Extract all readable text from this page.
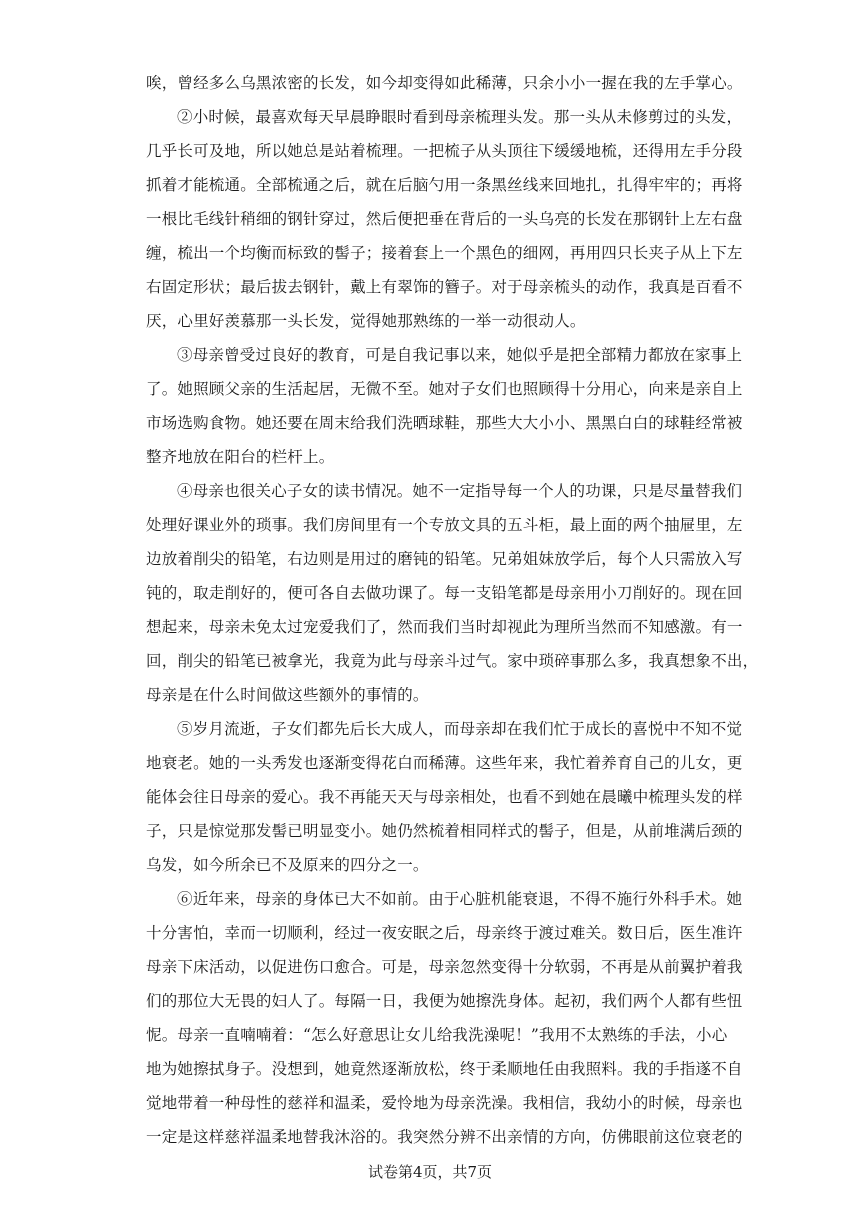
唉，曾经多么乌黑浓密的长发，如今却变得如此稀薄，只余小小一握在我的左手掌心。
②小时候，最喜欢每天早晨睁眼时看到母亲梳理头发。那一头从未修剪过的头发，
几乎长可及地，所以她总是站着梳理。一把梳子从头顶往下缓缓地梳，还得用左手分段
抓着才能梳通。全部梳通之后，就在后脑勺用一条黑丝线来回地扎，扎得牢牢的；再将
一根比毛线针稍细的钢针穿过，然后便把垂在背后的一头乌亮的长发在那钢针上左右盘
缠，梳出一个均衡而标致的髻子；接着套上一个黑色的细网，再用四只长夹子从上下左
右固定形状；最后拔去钢针，戴上有翠饰的簪子。对于母亲梳头的动作，我真是百看不
厌，心里好羡慕那一头长发，觉得她那熟练的一举一动很动人。
③母亲曾受过良好的教育，可是自我记事以来，她似乎是把全部精力都放在家事上
了。她照顾父亲的生活起居，无微不至。她对子女们也照顾得十分用心，向来是亲自上
市场选购食物。她还要在周末给我们洗晒球鞋，那些大大小小、黑黑白白的球鞋经常被
整齐地放在阳台的栏杆上。
④母亲也很关心子女的读书情况。她不一定指导每一个人的功课，只是尽量替我们
处理好课业外的琐事。我们房间里有一个专放文具的五斗柜，最上面的两个抽屉里，左
边放着削尖的铅笔，右边则是用过的磨钝的铅笔。兄弟姐妹放学后，每个人只需放入写
钝的，取走削好的，便可各自去做功课了。每一支铅笔都是母亲用小刀削好的。现在回
想起来，母亲未免太过宠爱我们了，然而我们当时却视此为理所当然而不知感激。有一
回，削尖的铅笔已被拿光，我竟为此与母亲斗过气。家中琐碎事那么多，我真想象不出，
母亲是在什么时间做这些额外的事情的。
⑤岁月流逝，子女们都先后长大成人，而母亲却在我们忙于成长的喜悦中不知不觉
地衰老。她的一头秀发也逐渐变得花白而稀薄。这些年来，我忙着养育自己的儿女，更
能体会往日母亲的爱心。我不再能天天与母亲相处，也看不到她在晨曦中梳理头发的样
子，只是惊觉那发髻已明显变小。她仍然梳着相同样式的髻子，但是，从前堆满后颈的
乌发，如今所余已不及原来的四分之一。
⑥近年来，母亲的身体已大不如前。由于心脏机能衰退，不得不施行外科手术。她
十分害怕，幸而一切顺利，经过一夜安眠之后，母亲终于渡过难关。数日后，医生准许
母亲下床活动，以促进伤口愈合。可是，母亲忽然变得十分软弱，不再是从前翼护着我
们的那位大无畏的妇人了。每隔一日，我便为她擦洗身体。起初，我们两个人都有些忸
怩。母亲一直喃喃着：“怎么好意思让女儿给我洗澡呢！”我用不太熟练的手法，小心
地为她擦拭身子。没想到，她竟然逐渐放松，终于柔顺地任由我照料。我的手指遂不自
觉地带着一种母性的慈祥和温柔，爱怜地为母亲洗澡。我相信，我幼小的时候，母亲也
一定是这样慈祥温柔地替我沐浴的。我突然分辨不出亲情的方向，仿佛眼前这位衰老的
试卷第4页，共7页
